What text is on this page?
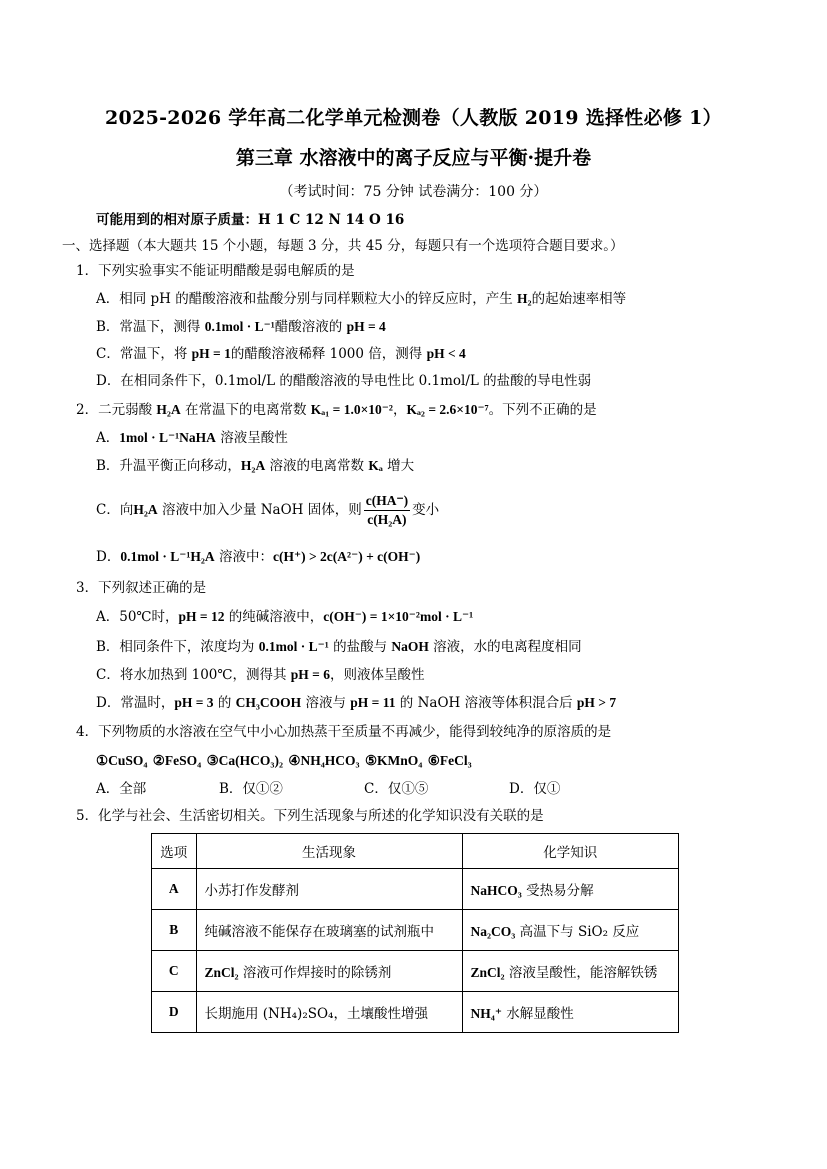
2025-2026 学年高二化学单元检测卷（人教版 2019 选择性必修 1）
第三章 水溶液中的离子反应与平衡·提升卷
（考试时间：75 分钟 试卷满分：100 分）
可能用到的相对原子质量：H 1 C 12 N 14 O 16
一、选择题（本大题共 15 个小题，每题 3 分，共 45 分，每题只有一个选项符合题目要求。）
1．下列实验事实不能证明醋酸是弱电解质的是
A．相同 pH 的醋酸溶液和盐酸分别与同样颗粒大小的锌反应时，产生 H₂的起始速率相等
B．常温下，测得 0.1mol · L⁻¹醋酸溶液的 pH = 4
C．常温下，将 pH = 1的醋酸溶液稀释 1000 倍，测得 pH < 4
D．在相同条件下，0.1mol/L 的醋酸溶液的导电性比 0.1mol/L 的盐酸的导电性弱
2．二元弱酸 H₂A 在常温下的电离常数 Kₐ₁ = 1.0×10⁻²，Kₐ₂ = 2.6×10⁻⁷。下列不正确的是
A．1mol · L⁻¹NaHA 溶液呈酸性
B．升温平衡正向移动，H₂A 溶液的电离常数 Kₐ 增大
C．向H₂A 溶液中加入少量 NaOH 固体，则 $\frac{c(HA^-)}{\text{c(H₂A)}}$ 变小
D．0.1mol · L⁻¹H₂A 溶液中：c(H⁺) > 2c(A²⁻) + c(OH⁻)
3．下列叙述正确的是
A．50℃时，pH = 12 的纯碱溶液中，c(OH⁻) = 1×10⁻²mol · L⁻¹
B．相同条件下，浓度均为 0.1mol · L⁻¹ 的盐酸与 NaOH 溶液，水的电离程度相同
C．将水加热到 100℃，测得其 pH = 6，则液体呈酸性
D．常温时，pH = 3 的 CH₃COOH 溶液与 pH = 11 的 NaOH 溶液等体积混合后 pH > 7
4．下列物质的水溶液在空气中小心加热蒸干至质量不再减少，能得到较纯净的原溶质的是
①CuSO₄ ②FeSO₄ ③Ca(HCO₃)₂ ④NH₄HCO₃ ⑤KMnO₄ ⑥FeCl₃
A．全部	B．仅①②	C．仅①⑤	D．仅①
5．化学与社会、生活密切相关。下列生活现象与所述的化学知识没有关联的是
选项	生活现象	化学知识
A	小苏打作发酵剂	NaHCO₃ 受热易分解
B	纯碱溶液不能保存在玻璃塞的试剂瓶中	Na₂CO₃ 高温下与 SiO₂ 反应
C	ZnCl₂ 溶液可作焊接时的除锈剂	ZnCl₂ 溶液呈酸性，能溶解铁锈
D	长期施用 (NH₄)₂SO₄，土壤酸性增强	NH₄⁺ 水解显酸性
